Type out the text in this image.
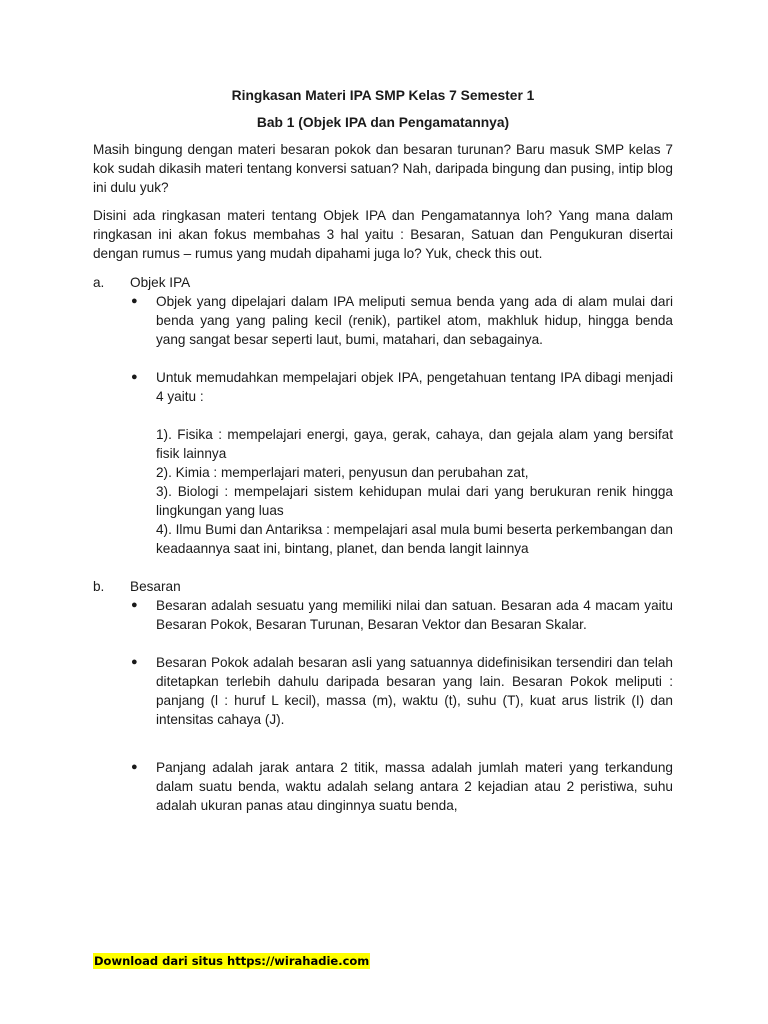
Ringkasan Materi IPA SMP Kelas 7 Semester 1
Bab 1 (Objek IPA dan Pengamatannya)

Masih bingung dengan materi besaran pokok dan besaran turunan? Baru masuk SMP kelas 7 kok sudah dikasih materi tentang konversi satuan? Nah, daripada bingung dan pusing, intip blog ini dulu yuk?

Disini ada ringkasan materi tentang Objek IPA dan Pengamatannya loh? Yang mana dalam ringkasan ini akan fokus membahas 3 hal yaitu : Besaran, Satuan dan Pengukuran disertai dengan rumus – rumus yang mudah dipahami juga lo? Yuk, check this out.

a. Objek IPA
● Objek yang dipelajari dalam IPA meliputi semua benda yang ada di alam mulai dari benda yang yang paling kecil (renik), partikel atom, makhluk hidup, hingga benda yang sangat besar seperti laut, bumi, matahari, dan sebagainya.
● Untuk memudahkan mempelajari objek IPA, pengetahuan tentang IPA dibagi menjadi 4 yaitu :
1). Fisika : mempelajari energi, gaya, gerak, cahaya, dan gejala alam yang bersifat fisik lainnya
2). Kimia : memperlajari materi, penyusun dan perubahan zat,
3). Biologi : mempelajari sistem kehidupan mulai dari yang berukuran renik hingga lingkungan yang luas
4). Ilmu Bumi dan Antariksa : mempelajari asal mula bumi beserta perkembangan dan keadaannya saat ini, bintang, planet, dan benda langit lainnya
b. Besaran
● Besaran adalah sesuatu yang memiliki nilai dan satuan. Besaran ada 4 macam yaitu Besaran Pokok, Besaran Turunan, Besaran Vektor dan Besaran Skalar.
● Besaran Pokok adalah besaran asli yang satuannya didefinisikan tersendiri dan telah ditetapkan terlebih dahulu daripada besaran yang lain. Besaran Pokok meliputi : panjang (l : huruf L kecil), massa (m), waktu (t), suhu (T), kuat arus listrik (I) dan intensitas cahaya (J).
● Panjang adalah jarak antara 2 titik, massa adalah jumlah materi yang terkandung dalam suatu benda, waktu adalah selang antara 2 kejadian atau 2 peristiwa, suhu adalah ukuran panas atau dinginnya suatu benda,
Download dari situs https://wirahadie.com
